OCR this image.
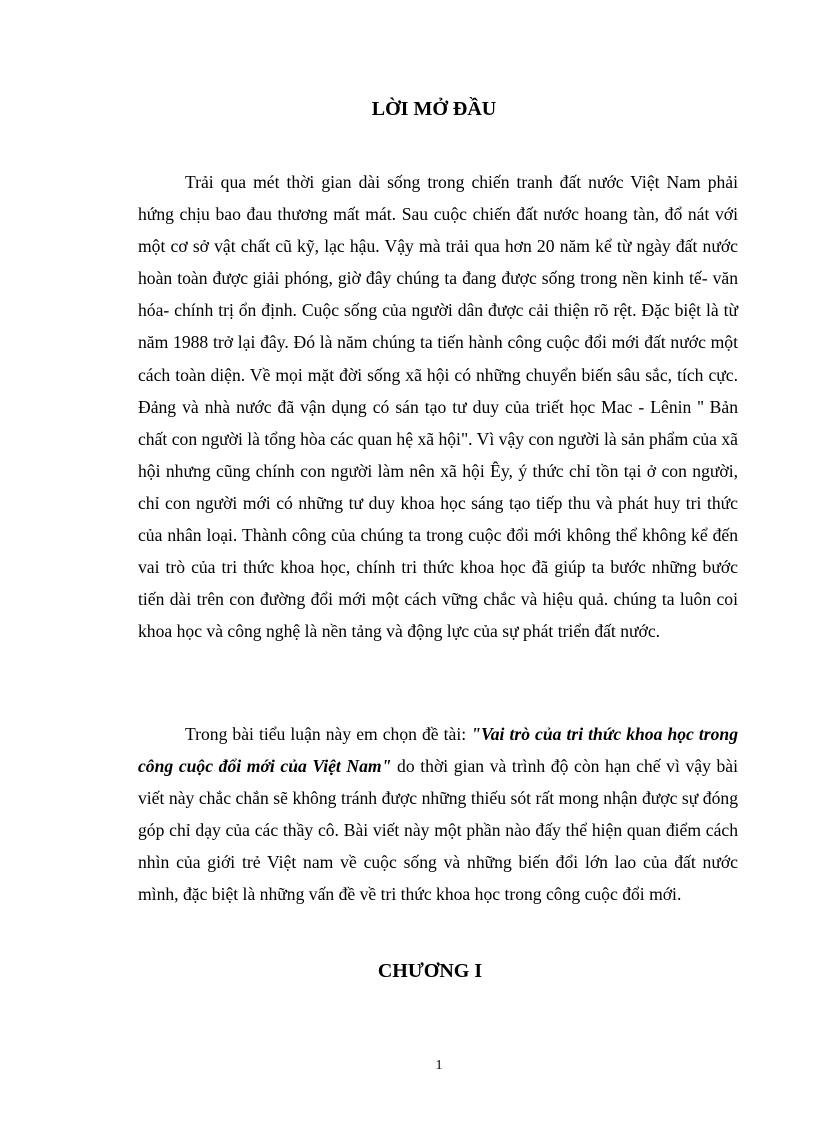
LỜI MỞ ĐẦU

Trải qua mét thời gian dài sống trong chiến tranh đất nước Việt Nam phải hứng chịu bao đau thương mất mát. Sau cuộc chiến đất nước hoang tàn, đổ nát với một cơ sở vật chất cũ kỹ, lạc hậu. Vậy mà trải qua hơn 20 năm kể từ ngày đất nước hoàn toàn được giải phóng, giờ đây chúng ta đang được sống trong nền kinh tế- văn hóa- chính trị ổn định. Cuộc sống của người dân được cải thiện rõ rệt. Đặc biệt là từ năm 1988 trở lại đây. Đó là năm chúng ta tiến hành công cuộc đổi mới đất nước một cách toàn diện. Về mọi mặt đời sống xã hội có những chuyển biến sâu sắc, tích cực. Đảng và nhà nước đã vận dụng có sán tạo tư duy của triết học Mac - Lênin '' Bản chất con người là tổng hòa các quan hệ xã hội". Vì vậy con người là sản phẩm của xã hội nhưng cũng chính con người làm nên xã hội Êy, ý thức chỉ tồn tại ở con người, chỉ con người mới có những tư duy khoa học sáng tạo tiếp thu và phát huy tri thức của nhân loại. Thành công của chúng ta trong cuộc đổi mới không thể không kể đến vai trò của tri thức khoa học, chính tri thức khoa học đã giúp ta bước những bước tiến dài trên con đường đổi mới một cách vững chắc và hiệu quả. chúng ta luôn coi khoa học và công nghệ là nền tảng và động lực của sự phát triển đất nước.

Trong bài tiểu luận này em chọn đề tài: "Vai trò của tri thức khoa học trong công cuộc đổi mới của Việt Nam" do thời gian và trình độ còn hạn chế vì vậy bài viết này chắc chắn sẽ không tránh được những thiếu sót rất mong nhận được sự đóng góp chỉ dạy của các thầy cô. Bài viết này một phần nào đấy thể hiện quan điểm cách nhìn của giới trẻ Việt nam về cuộc sống và những biến đổi lớn lao của đất nước mình, đặc biệt là những vấn đề về tri thức khoa học trong công cuộc đổi mới.

CHƯƠNG I
1
